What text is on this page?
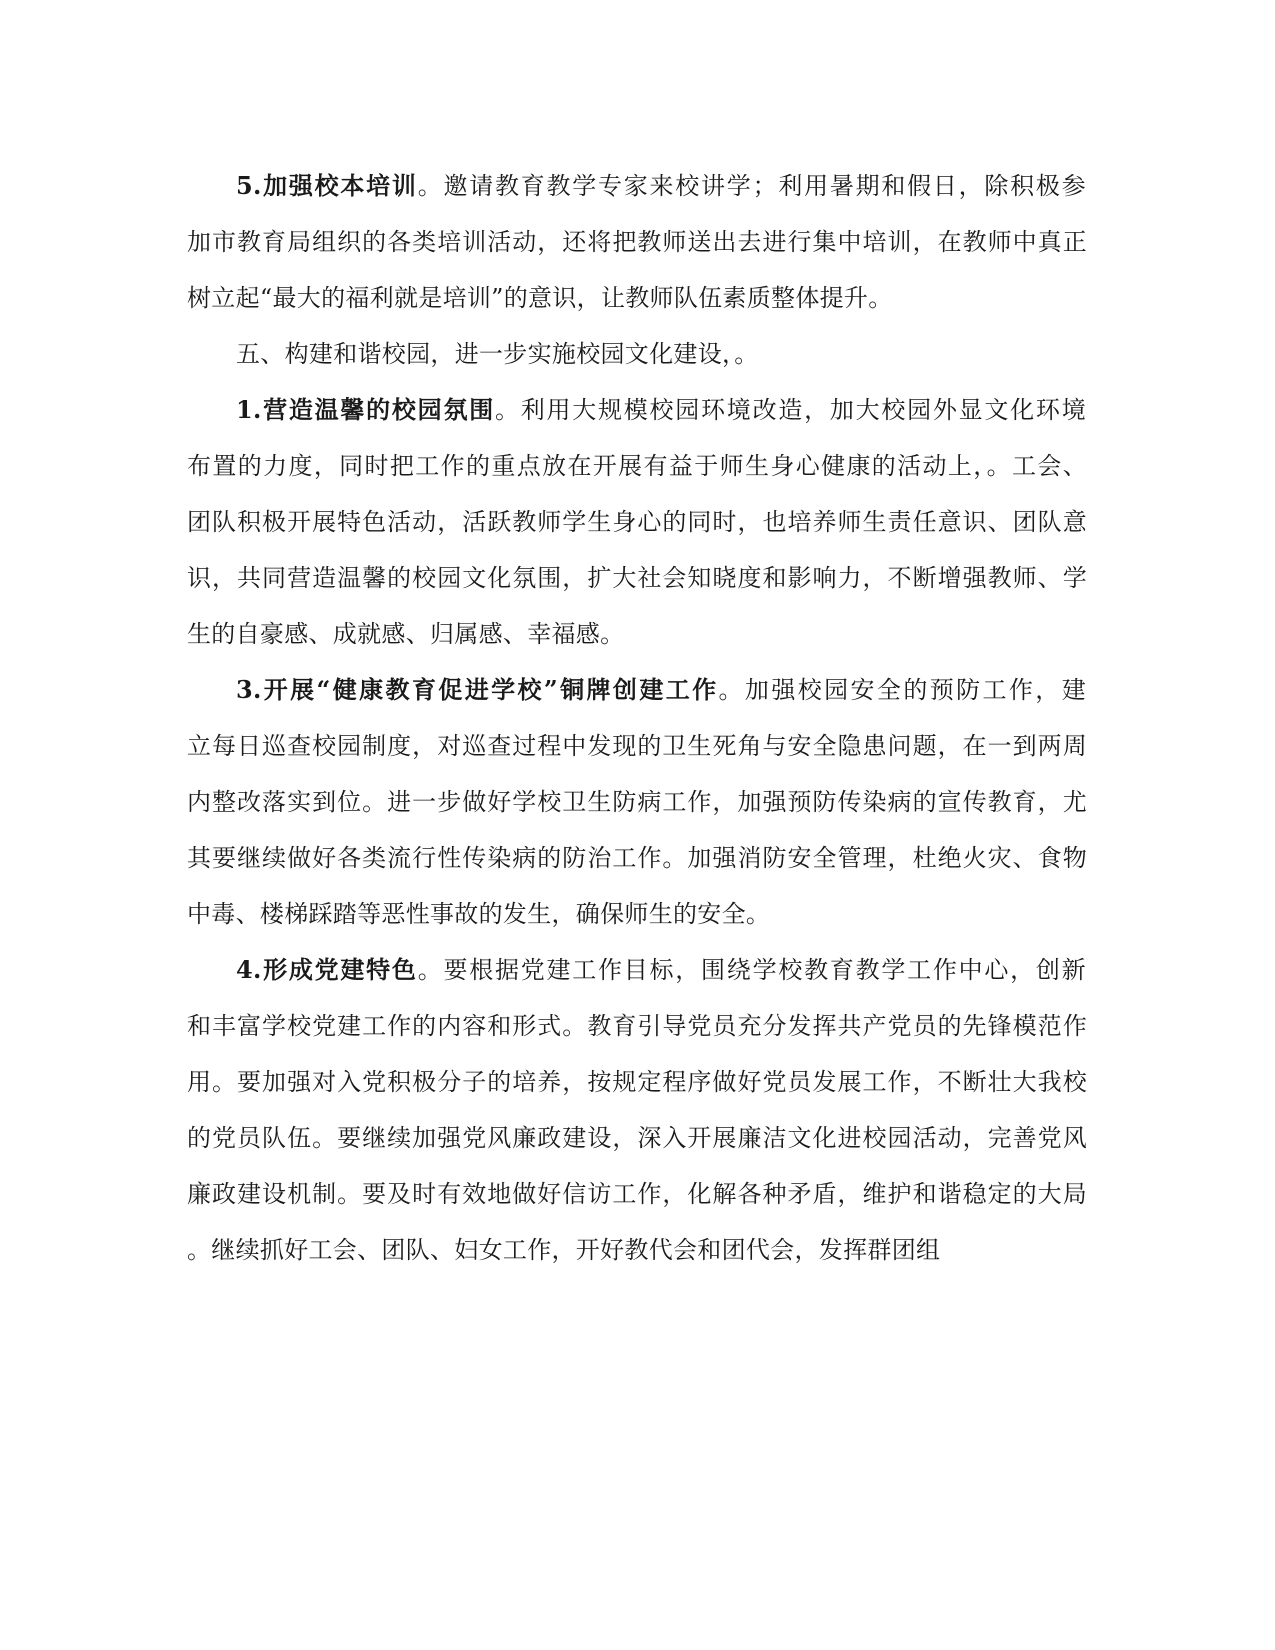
5.加强校本培训。邀请教育教学专家来校讲学；利用暑期和假日，除积极参
加市教育局组织的各类培训活动，还将把教师送出去进行集中培训，在教师中真正
树立起“最大的福利就是培训”的意识，让教师队伍素质整体提升。
五、构建和谐校园，进一步实施校园文化建设，。
1.营造温馨的校园氛围。利用大规模校园环境改造，加大校园外显文化环境
布置的力度，同时把工作的重点放在开展有益于师生身心健康的活动上，。工会、
团队积极开展特色活动，活跃教师学生身心的同时，也培养师生责任意识、团队意
识，共同营造温馨的校园文化氛围，扩大社会知晓度和影响力，不断增强教师、学
生的自豪感、成就感、归属感、幸福感。
3.开展“健康教育促进学校”铜牌创建工作。加强校园安全的预防工作，建
立每日巡查校园制度，对巡查过程中发现的卫生死角与安全隐患问题，在一到两周
内整改落实到位。进一步做好学校卫生防病工作，加强预防传染病的宣传教育，尤
其要继续做好各类流行性传染病的防治工作。加强消防安全管理，杜绝火灾、食物
中毒、楼梯踩踏等恶性事故的发生，确保师生的安全。
4.形成党建特色。要根据党建工作目标，围绕学校教育教学工作中心，创新
和丰富学校党建工作的内容和形式。教育引导党员充分发挥共产党员的先锋模范作
用。要加强对入党积极分子的培养，按规定程序做好党员发展工作，不断壮大我校
的党员队伍。要继续加强党风廉政建设，深入开展廉洁文化进校园活动，完善党风
廉政建设机制。要及时有效地做好信访工作，化解各种矛盾，维护和谐稳定的大局
。继续抓好工会、团队、妇女工作，开好教代会和团代会，发挥群团组
